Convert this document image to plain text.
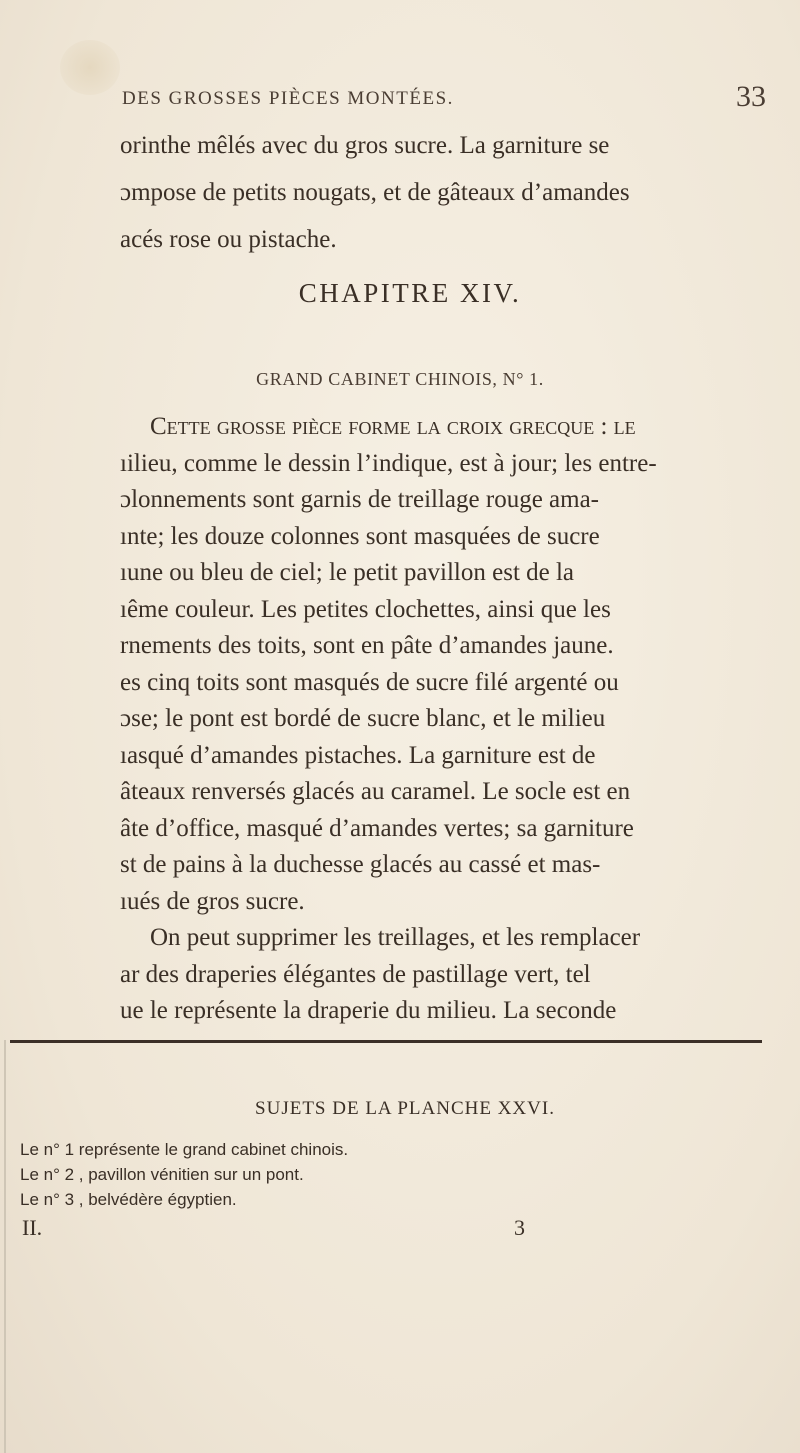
DES GROSSES PIÈCES MONTÉES.	33
orinthe mêlés avec du gros sucre. La garniture se
ɔmpose de petits nougats, et de gâteaux d’amandes
acés rose ou pistache.
CHAPITRE XIV.
GRAND CABINET CHINOIS, N° 1.
Cette grosse pièce forme la croix grecque : le
ıilieu, comme le dessin l’indique, est à jour; les entre-
ɔlonnements sont garnis de treillage rouge ama-
ınte; les douze colonnes sont masquées de sucre
ıune ou bleu de ciel; le petit pavillon est de la
ıême couleur. Les petites clochettes, ainsi que les
rnements des toits, sont en pâte d’amandes jaune.
es cinq toits sont masqués de sucre filé argenté ou
ɔse; le pont est bordé de sucre blanc, et le milieu
ıasqué d’amandes pistaches. La garniture est de
âteaux renversés glacés au caramel. Le socle est en
âte d’office, masqué d’amandes vertes; sa garniture
st de pains à la duchesse glacés au cassé et mas-
ıués de gros sucre.
On peut supprimer les treillages, et les remplacer
ar des draperies élégantes de pastillage vert, tel
ue le représente la draperie du milieu. La seconde
SUJETS DE LA PLANCHE XXVI.
Le n° 1 représente le grand cabinet chinois.
Le n° 2 , pavillon vénitien sur un pont.
Le n° 3 , belvédère égyptien.
II.	3
